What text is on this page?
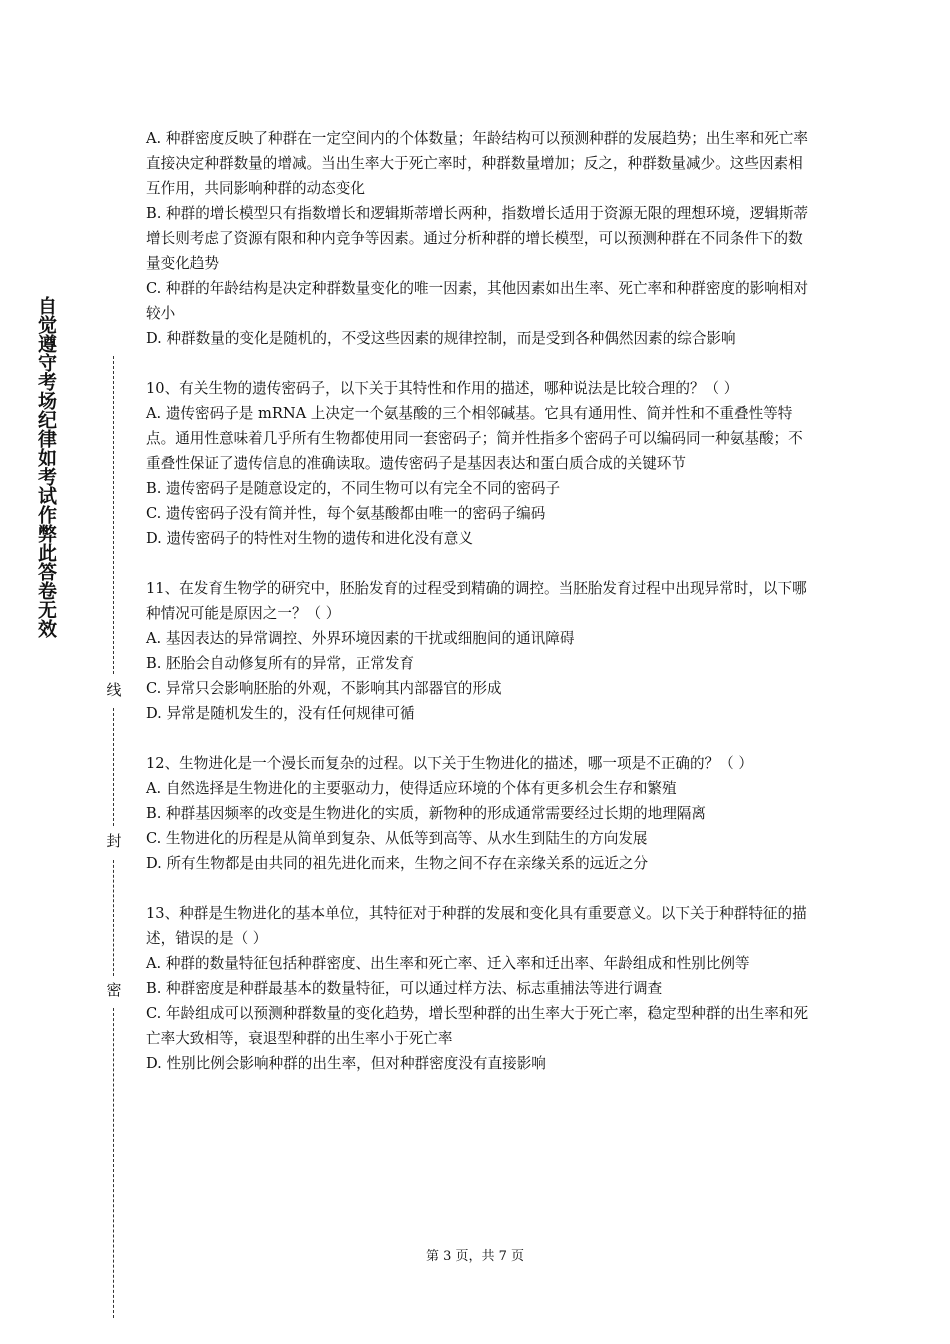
自觉遵守考场纪律如考试作弊此答卷无效
线
封
密

A. 种群密度反映了种群在一定空间内的个体数量；年龄结构可以预测种群的发展趋势；出生率和死亡率直接决定种群数量的增减。当出生率大于死亡率时，种群数量增加；反之，种群数量减少。这些因素相互作用，共同影响种群的动态变化

B. 种群的增长模型只有指数增长和逻辑斯蒂增长两种，指数增长适用于资源无限的理想环境，逻辑斯蒂增长则考虑了资源有限和种内竞争等因素。通过分析种群的增长模型，可以预测种群在不同条件下的数量变化趋势

C. 种群的年龄结构是决定种群数量变化的唯一因素，其他因素如出生率、死亡率和种群密度的影响相对较小

D. 种群数量的变化是随机的，不受这些因素的规律控制，而是受到各种偶然因素的综合影响

10、有关生物的遗传密码子，以下关于其特性和作用的描述，哪种说法是比较合理的？（ ）

A. 遗传密码子是 mRNA 上决定一个氨基酸的三个相邻碱基。它具有通用性、简并性和不重叠性等特点。通用性意味着几乎所有生物都使用同一套密码子；简并性指多个密码子可以编码同一种氨基酸；不重叠性保证了遗传信息的准确读取。遗传密码子是基因表达和蛋白质合成的关键环节

B. 遗传密码子是随意设定的，不同生物可以有完全不同的密码子

C. 遗传密码子没有简并性，每个氨基酸都由唯一的密码子编码

D. 遗传密码子的特性对生物的遗传和进化没有意义

11、在发育生物学的研究中，胚胎发育的过程受到精确的调控。当胚胎发育过程中出现异常时，以下哪种情况可能是原因之一？（ ）

A. 基因表达的异常调控、外界环境因素的干扰或细胞间的通讯障碍

B. 胚胎会自动修复所有的异常，正常发育

C. 异常只会影响胚胎的外观，不影响其内部器官的形成

D. 异常是随机发生的，没有任何规律可循

12、生物进化是一个漫长而复杂的过程。以下关于生物进化的描述，哪一项是不正确的？（ ）

A. 自然选择是生物进化的主要驱动力，使得适应环境的个体有更多机会生存和繁殖

B. 种群基因频率的改变是生物进化的实质，新物种的形成通常需要经过长期的地理隔离

C. 生物进化的历程是从简单到复杂、从低等到高等、从水生到陆生的方向发展

D. 所有生物都是由共同的祖先进化而来，生物之间不存在亲缘关系的远近之分

13、种群是生物进化的基本单位，其特征对于种群的发展和变化具有重要意义。以下关于种群特征的描述，错误的是（ ）

A. 种群的数量特征包括种群密度、出生率和死亡率、迁入率和迁出率、年龄组成和性别比例等

B. 种群密度是种群最基本的数量特征，可以通过样方法、标志重捕法等进行调查

C. 年龄组成可以预测种群数量的变化趋势，增长型种群的出生率大于死亡率，稳定型种群的出生率和死亡率大致相等，衰退型种群的出生率小于死亡率

D. 性别比例会影响种群的出生率，但对种群密度没有直接影响

第 3 页，共 7 页
